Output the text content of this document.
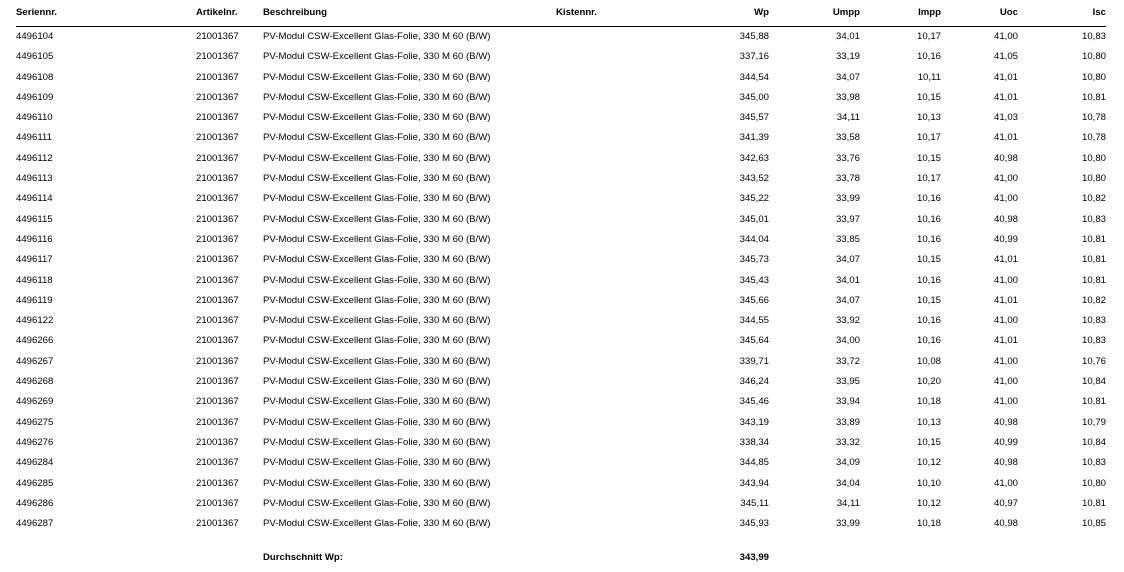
Seriennr.	Artikelnr.	Beschreibung	Kistennr.	Wp	Umpp	Impp	Uoc	Isc
4496104	21001367	PV-Modul CSW-Excellent Glas-Folie, 330 M 60 (B/W)		345,88	34,01	10,17	41,00	10,83
4496105	21001367	PV-Modul CSW-Excellent Glas-Folie, 330 M 60 (B/W)		337,16	33,19	10,16	41,05	10,80
4496108	21001367	PV-Modul CSW-Excellent Glas-Folie, 330 M 60 (B/W)		344,54	34,07	10,11	41,01	10,80
4496109	21001367	PV-Modul CSW-Excellent Glas-Folie, 330 M 60 (B/W)		345,00	33,98	10,15	41,01	10,81
4496110	21001367	PV-Modul CSW-Excellent Glas-Folie, 330 M 60 (B/W)		345,57	34,11	10,13	41,03	10,78
4496111	21001367	PV-Modul CSW-Excellent Glas-Folie, 330 M 60 (B/W)		341,39	33,58	10,17	41,01	10,78
4496112	21001367	PV-Modul CSW-Excellent Glas-Folie, 330 M 60 (B/W)		342,63	33,76	10,15	40,98	10,80
4496113	21001367	PV-Modul CSW-Excellent Glas-Folie, 330 M 60 (B/W)		343,52	33,78	10,17	41,00	10,80
4496114	21001367	PV-Modul CSW-Excellent Glas-Folie, 330 M 60 (B/W)		345,22	33,99	10,16	41,00	10,82
4496115	21001367	PV-Modul CSW-Excellent Glas-Folie, 330 M 60 (B/W)		345,01	33,97	10,16	40,98	10,83
4496116	21001367	PV-Modul CSW-Excellent Glas-Folie, 330 M 60 (B/W)		344,04	33,85	10,16	40,99	10,81
4496117	21001367	PV-Modul CSW-Excellent Glas-Folie, 330 M 60 (B/W)		345,73	34,07	10,15	41,01	10,81
4496118	21001367	PV-Modul CSW-Excellent Glas-Folie, 330 M 60 (B/W)		345,43	34,01	10,16	41,00	10,81
4496119	21001367	PV-Modul CSW-Excellent Glas-Folie, 330 M 60 (B/W)		345,66	34,07	10,15	41,01	10,82
4496122	21001367	PV-Modul CSW-Excellent Glas-Folie, 330 M 60 (B/W)		344,55	33,92	10,16	41,00	10,83
4496266	21001367	PV-Modul CSW-Excellent Glas-Folie, 330 M 60 (B/W)		345,64	34,00	10,16	41,01	10,83
4496267	21001367	PV-Modul CSW-Excellent Glas-Folie, 330 M 60 (B/W)		339,71	33,72	10,08	41,00	10,76
4496268	21001367	PV-Modul CSW-Excellent Glas-Folie, 330 M 60 (B/W)		346,24	33,95	10,20	41,00	10,84
4496269	21001367	PV-Modul CSW-Excellent Glas-Folie, 330 M 60 (B/W)		345,46	33,94	10,18	41,00	10,81
4496275	21001367	PV-Modul CSW-Excellent Glas-Folie, 330 M 60 (B/W)		343,19	33,89	10,13	40,98	10,79
4496276	21001367	PV-Modul CSW-Excellent Glas-Folie, 330 M 60 (B/W)		338,34	33,32	10,15	40,99	10,84
4496284	21001367	PV-Modul CSW-Excellent Glas-Folie, 330 M 60 (B/W)		344,85	34,09	10,12	40,98	10,83
4496285	21001367	PV-Modul CSW-Excellent Glas-Folie, 330 M 60 (B/W)		343,94	34,04	10,10	41,00	10,80
4496286	21001367	PV-Modul CSW-Excellent Glas-Folie, 330 M 60 (B/W)		345,11	34,11	10,12	40,97	10,81
4496287	21001367	PV-Modul CSW-Excellent Glas-Folie, 330 M 60 (B/W)		345,93	33,99	10,18	40,98	10,85
Durchschnitt Wp:	343,99
